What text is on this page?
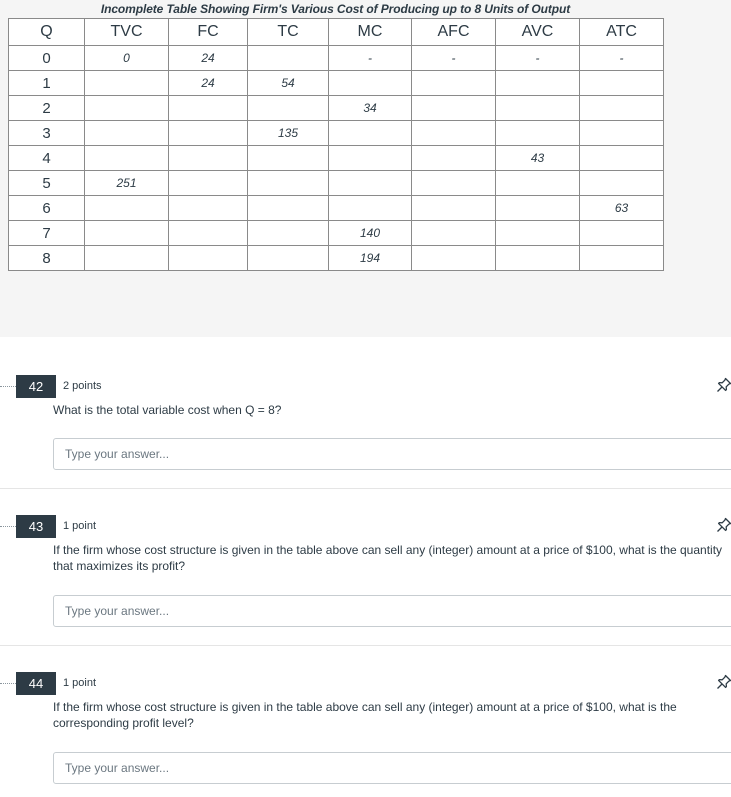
Incomplete Table Showing Firm's Various Cost of Producing up to 8 Units of Output
Q	TVC	FC	TC	MC	AFC	AVC	ATC
0	0	24		-	-	-	-
1		24	54				
2				34			
3			135				
4						43	
5	251						
6							63
7				140			
8				194			
42	2 points
What is the total variable cost when Q = 8?
Type your answer...
43	1 point
If the firm whose cost structure is given in the table above can sell any (integer) amount at a price of $100, what is the quantity that maximizes its profit?
Type your answer...
44	1 point
If the firm whose cost structure is given in the table above can sell any (integer) amount at a price of $100, what is the corresponding profit level?
Type your answer...
